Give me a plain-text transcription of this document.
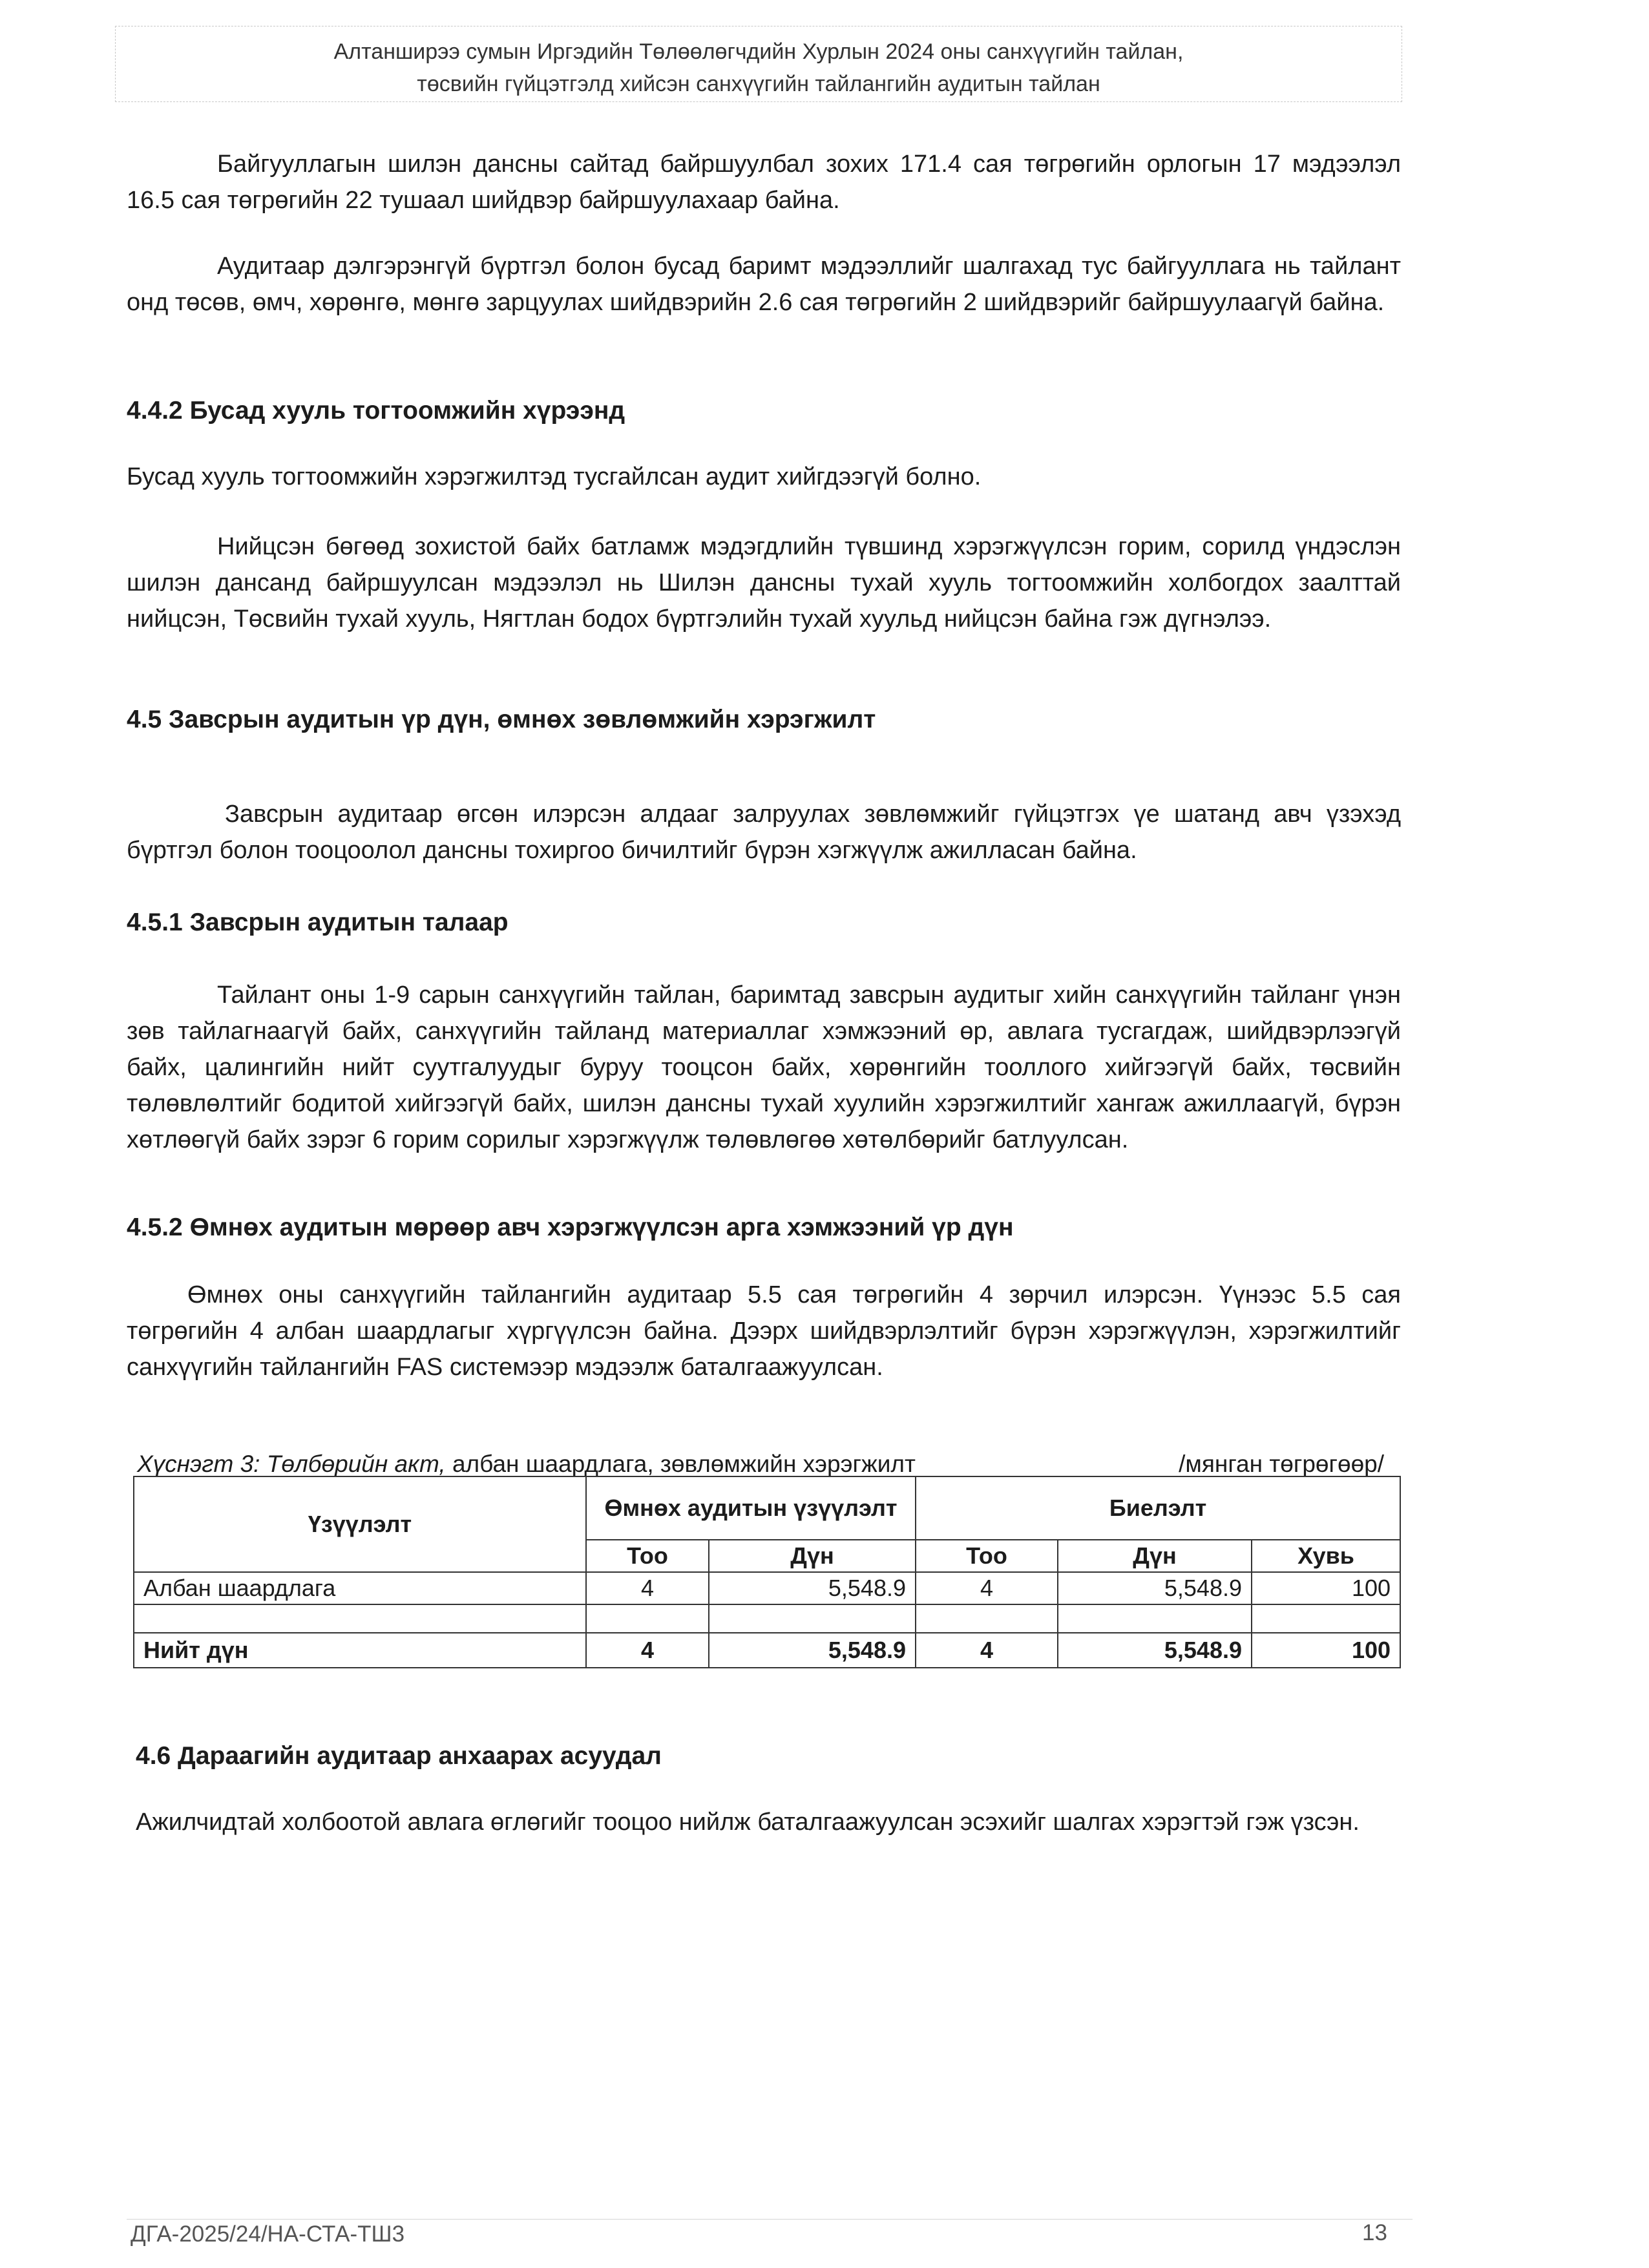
Алтанширээ сумын Иргэдийн Төлөөлөгчдийн Хурлын 2024 оны санхүүгийн тайлан,
төсвийн гүйцэтгэлд хийсэн санхүүгийн тайлангийн аудитын тайлан

Байгууллагын шилэн дансны сайтад байршуулбал зохих 171.4 сая төгрөгийн орлогын 17 мэдээлэл 16.5 сая төгрөгийн 22 тушаал шийдвэр байршуулахаар байна.

Аудитаар дэлгэрэнгүй бүртгэл болон бусад баримт мэдээллийг шалгахад тус байгууллага нь тайлант онд төсөв, өмч, хөрөнгө, мөнгө зарцуулах шийдвэрийн 2.6 сая төгрөгийн 2 шийдвэрийг байршуулаагүй байна.

4.4.2 Бусад хууль тогтоомжийн хүрээнд

Бусад хууль тогтоомжийн хэрэгжилтэд тусгайлсан аудит хийгдээгүй болно.

Нийцсэн бөгөөд зохистой байх батламж мэдэгдлийн түвшинд хэрэгжүүлсэн горим, сорилд үндэслэн шилэн дансанд байршуулсан мэдээлэл нь Шилэн дансны тухай хууль тогтоомжийн холбогдох заалттай нийцсэн, Төсвийн тухай хууль, Нягтлан бодох бүртгэлийн тухай хуульд нийцсэн байна гэж дүгнэлээ.

4.5 Завсрын аудитын үр дүн, өмнөх зөвлөмжийн хэрэгжилт

Завсрын аудитаар өгсөн илэрсэн алдааг залруулах зөвлөмжийг гүйцэтгэх үе шатанд авч үзэхэд бүртгэл болон тооцоолол дансны тохиргоо бичилтийг бүрэн хэгжүүлж ажилласан байна.

4.5.1 Завсрын аудитын талаар

Тайлант оны 1-9 сарын санхүүгийн тайлан, баримтад завсрын аудитыг хийн санхүүгийн тайланг үнэн зөв тайлагнаагүй байх, санхүүгийн тайланд материаллаг хэмжээний өр, авлага тусгагдаж, шийдвэрлээгүй байх, цалингийн нийт суутгалуудыг буруу тооцсон байх, хөрөнгийн тооллого хийгээгүй байх, төсвийн төлөвлөлтийг бодитой хийгээгүй байх, шилэн дансны тухай хуулийн хэрэгжилтийг хангаж ажиллаагүй, бүрэн хөтлөөгүй байх зэрэг 6 горим сорилыг хэрэгжүүлж төлөвлөгөө хөтөлбөрийг батлуулсан.

4.5.2 Өмнөх аудитын мөрөөр авч хэрэгжүүлсэн арга хэмжээний үр дүн

Өмнөх оны санхүүгийн тайлангийн аудитаар 5.5 сая төгрөгийн 4 зөрчил илэрсэн. Үүнээс 5.5 сая төгрөгийн 4 албан шаардлагыг хүргүүлсэн байна. Дээрх шийдвэрлэлтийг бүрэн хэрэгжүүлэн, хэрэгжилтийг санхүүгийн тайлангийн FAS системээр мэдээлж баталгаажуулсан.

Хүснэгт 3: Төлбөрийн акт, албан шаардлага, зөвлөмжийн хэрэгжилт	/мянган төгрөгөөр/
Үзүүлэлт	Өмнөх аудитын үзүүлэлт		Биелэлт		
	Тоо	Дүн	Тоо	Дүн	Хувь
Албан шаардлага	4	5,548.9	4	5,548.9	100

Нийт дүн	4	5,548.9	4	5,548.9	100
4.6 Дараагийн аудитаар анхаарах асуудал

Ажилчидтай холбоотой авлага өглөгийг тооцоо нийлж баталгаажуулсан эсэхийг шалгах хэрэгтэй гэж үзсэн.

ДГА-2025/24/НА-СТА-ТШ3	13
